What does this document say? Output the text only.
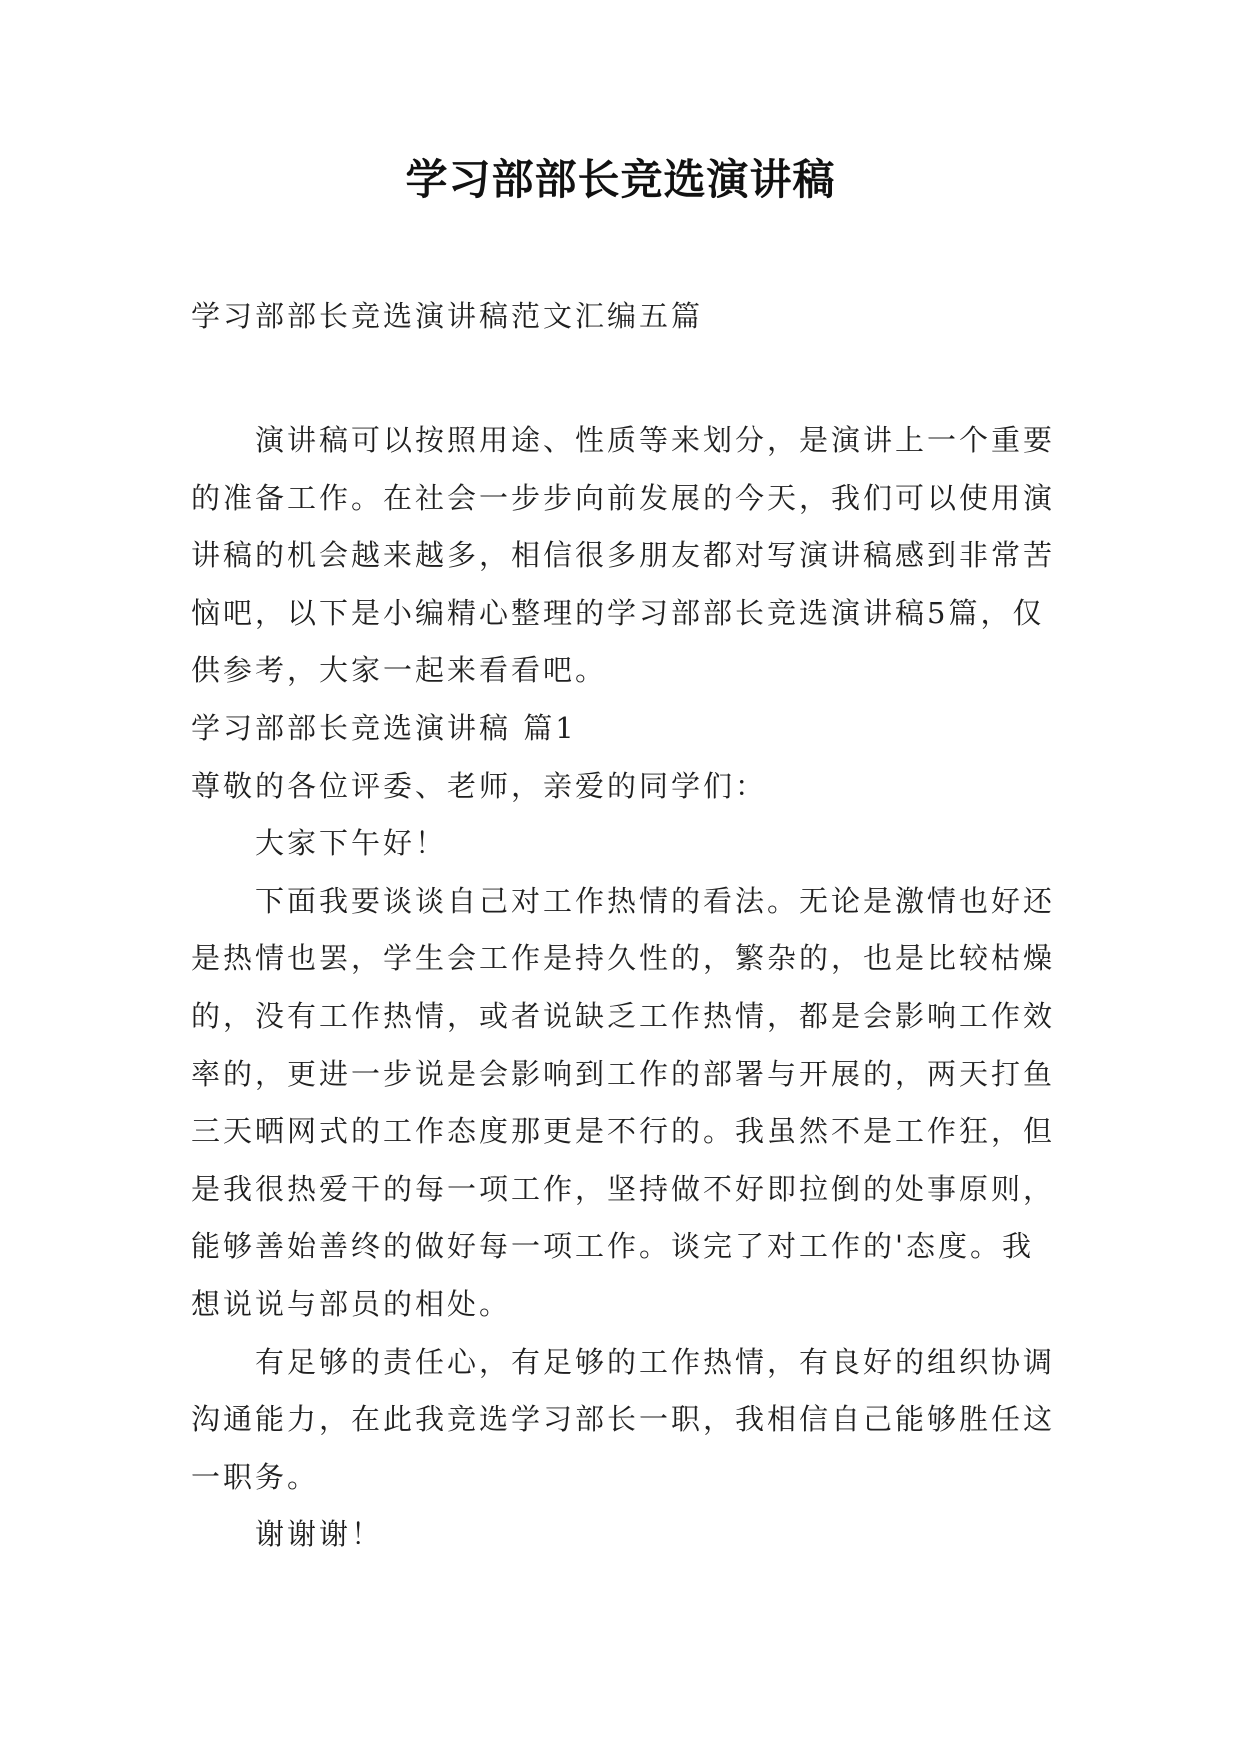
学习部部长竞选演讲稿
学习部部长竞选演讲稿范文汇编五篇

演讲稿可以按照用途、性质等来划分，是演讲上一个重要的准备工作。在社会一步步向前发展的今天，我们可以使用演讲稿的机会越来越多，相信很多朋友都对写演讲稿感到非常苦恼吧，以下是小编精心整理的学习部部长竞选演讲稿5篇，仅供参考，大家一起来看看吧。

学习部部长竞选演讲稿 篇1

尊敬的各位评委、老师，亲爱的同学们：

大家下午好！

下面我要谈谈自己对工作热情的看法。无论是激情也好还是热情也罢，学生会工作是持久性的，繁杂的，也是比较枯燥的，没有工作热情，或者说缺乏工作热情，都是会影响工作效率的，更进一步说是会影响到工作的部署与开展的，两天打鱼三天晒网式的工作态度那更是不行的。我虽然不是工作狂，但是我很热爱干的每一项工作，坚持做不好即拉倒的处事原则，能够善始善终的做好每一项工作。谈完了对工作的'态度。我想说说与部员的相处。

有足够的责任心，有足够的工作热情，有良好的组织协调沟通能力，在此我竞选学习部长一职，我相信自己能够胜任这一职务。

谢谢谢！
